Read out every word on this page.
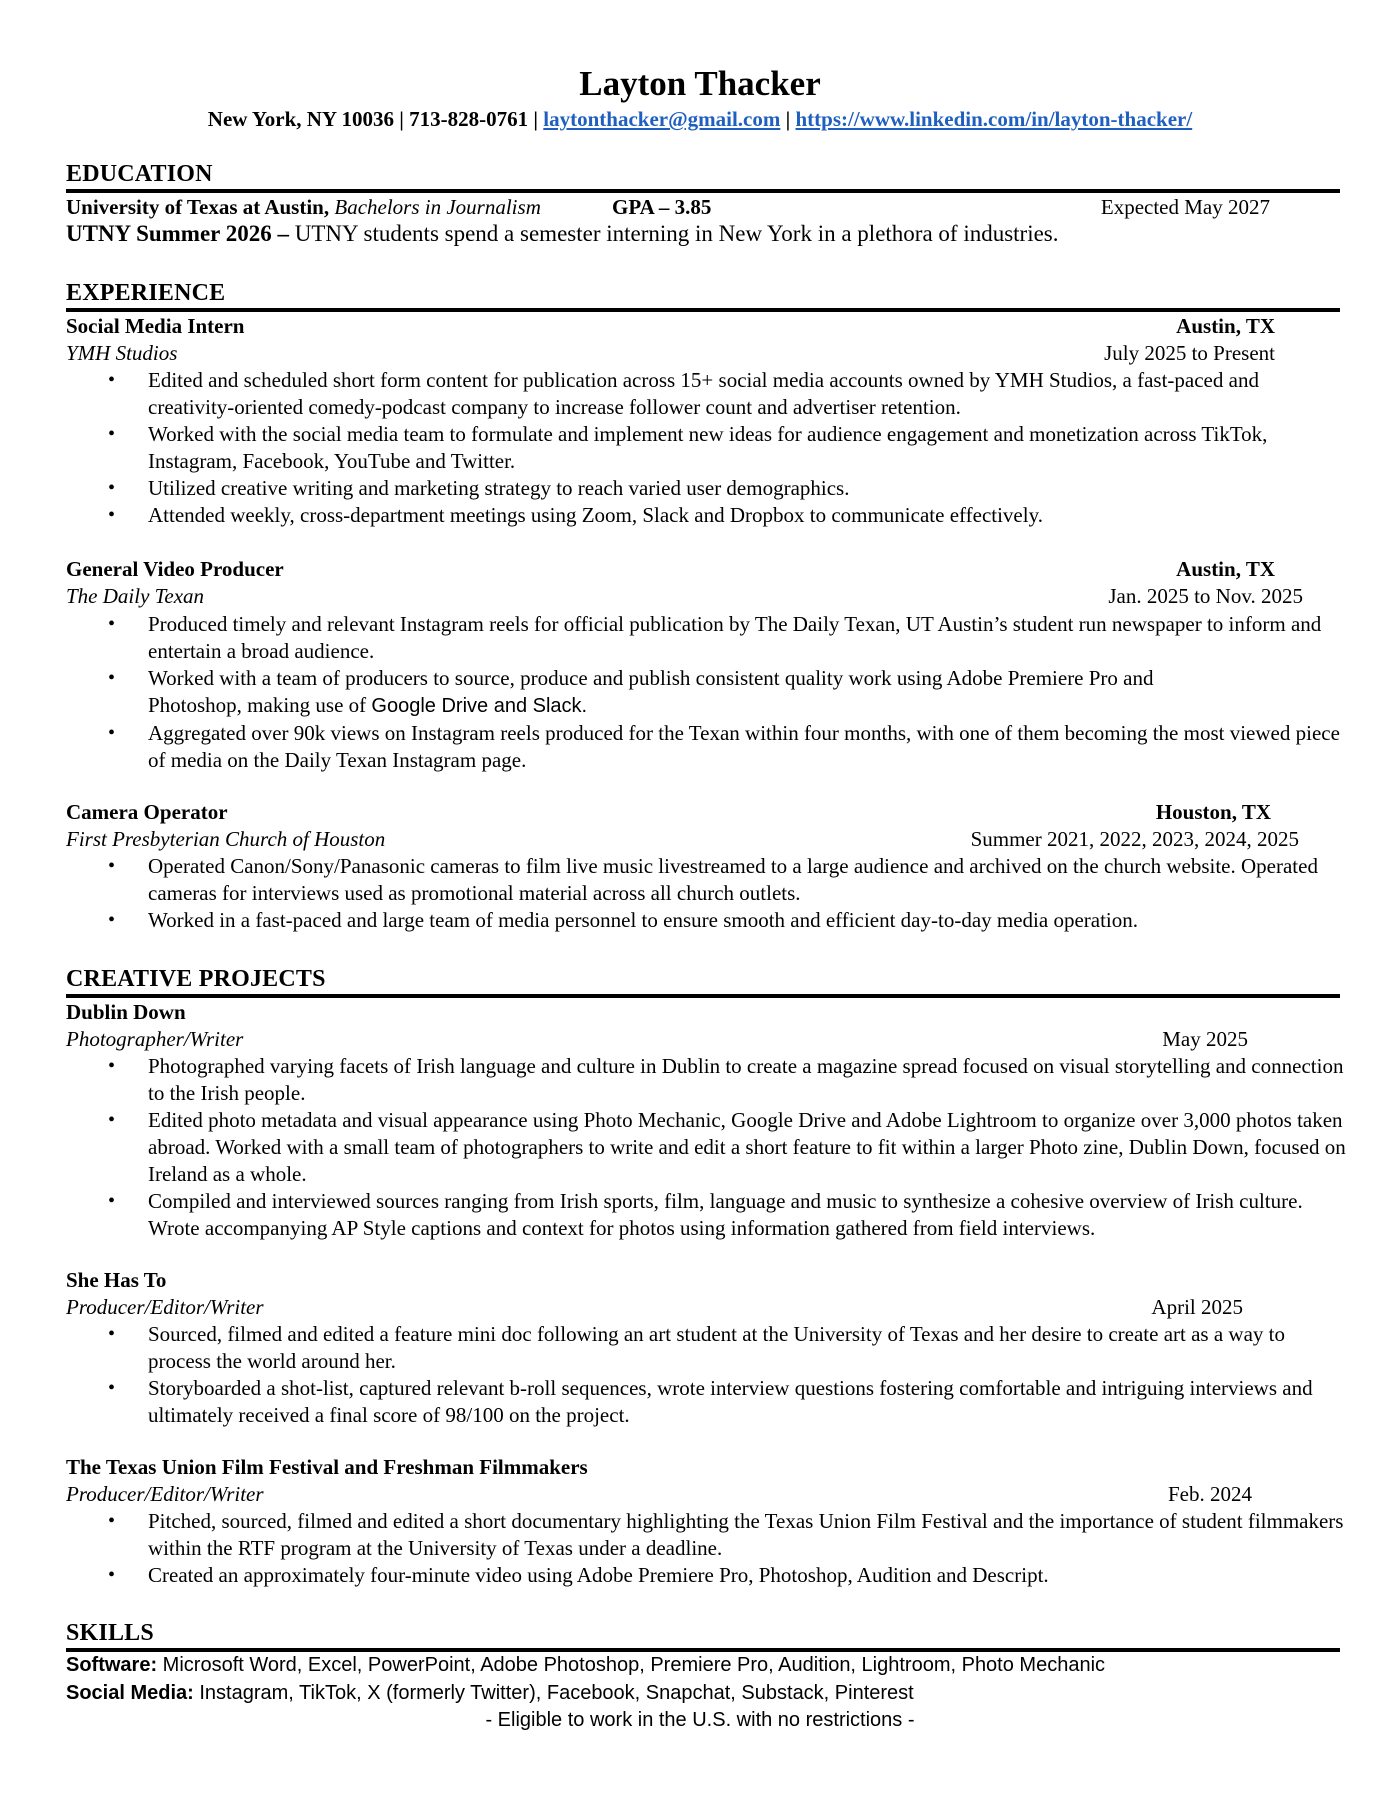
Layton Thacker
New York, NY 10036 | 713-828-0761 | laytonthacker@gmail.com | https://www.linkedin.com/in/layton-thacker/
EDUCATION
University of Texas at Austin, Bachelors in Journalism	GPA – 3.85	Expected May 2027
UTNY Summer 2026 – UTNY students spend a semester interning in New York in a plethora of industries.
EXPERIENCE
Social Media Intern	Austin, TX
YMH Studios	July 2025 to Present
• Edited and scheduled short form content for publication across 15+ social media accounts owned by YMH Studios, a fast-paced and creativity-oriented comedy-podcast company to increase follower count and advertiser retention.
• Worked with the social media team to formulate and implement new ideas for audience engagement and monetization across TikTok, Instagram, Facebook, YouTube and Twitter.
• Utilized creative writing and marketing strategy to reach varied user demographics.
• Attended weekly, cross-department meetings using Zoom, Slack and Dropbox to communicate effectively.
General Video Producer	Austin, TX
The Daily Texan	Jan. 2025 to Nov. 2025
• Produced timely and relevant Instagram reels for official publication by The Daily Texan, UT Austin’s student run newspaper to inform and entertain a broad audience.
• Worked with a team of producers to source, produce and publish consistent quality work using Adobe Premiere Pro and
Photoshop, making use of Google Drive and Slack.
• Aggregated over 90k views on Instagram reels produced for the Texan within four months, with one of them becoming the most viewed piece of media on the Daily Texan Instagram page.
Camera Operator	Houston, TX
First Presbyterian Church of Houston	Summer 2021, 2022, 2023, 2024, 2025
• Operated Canon/Sony/Panasonic cameras to film live music livestreamed to a large audience and archived on the church website. Operated cameras for interviews used as promotional material across all church outlets.
• Worked in a fast-paced and large team of media personnel to ensure smooth and efficient day-to-day media operation.
CREATIVE PROJECTS
Dublin Down
Photographer/Writer	May 2025
• Photographed varying facets of Irish language and culture in Dublin to create a magazine spread focused on visual storytelling and connection to the Irish people.
• Edited photo metadata and visual appearance using Photo Mechanic, Google Drive and Adobe Lightroom to organize over 3,000 photos taken abroad. Worked with a small team of photographers to write and edit a short feature to fit within a larger Photo zine, Dublin Down, focused on Ireland as a whole.
• Compiled and interviewed sources ranging from Irish sports, film, language and music to synthesize a cohesive overview of Irish culture. Wrote accompanying AP Style captions and context for photos using information gathered from field interviews.
She Has To
Producer/Editor/Writer	April 2025
• Sourced, filmed and edited a feature mini doc following an art student at the University of Texas and her desire to create art as a way to process the world around her.
• Storyboarded a shot-list, captured relevant b-roll sequences, wrote interview questions fostering comfortable and intriguing interviews and ultimately received a final score of 98/100 on the project.
The Texas Union Film Festival and Freshman Filmmakers
Producer/Editor/Writer	Feb. 2024
• Pitched, sourced, filmed and edited a short documentary highlighting the Texas Union Film Festival and the importance of student filmmakers within the RTF program at the University of Texas under a deadline.
• Created an approximately four-minute video using Adobe Premiere Pro, Photoshop, Audition and Descript.
SKILLS
Software: Microsoft Word, Excel, PowerPoint, Adobe Photoshop, Premiere Pro, Audition, Lightroom, Photo Mechanic
Social Media: Instagram, TikTok, X (formerly Twitter), Facebook, Snapchat, Substack, Pinterest
- Eligible to work in the U.S. with no restrictions -
